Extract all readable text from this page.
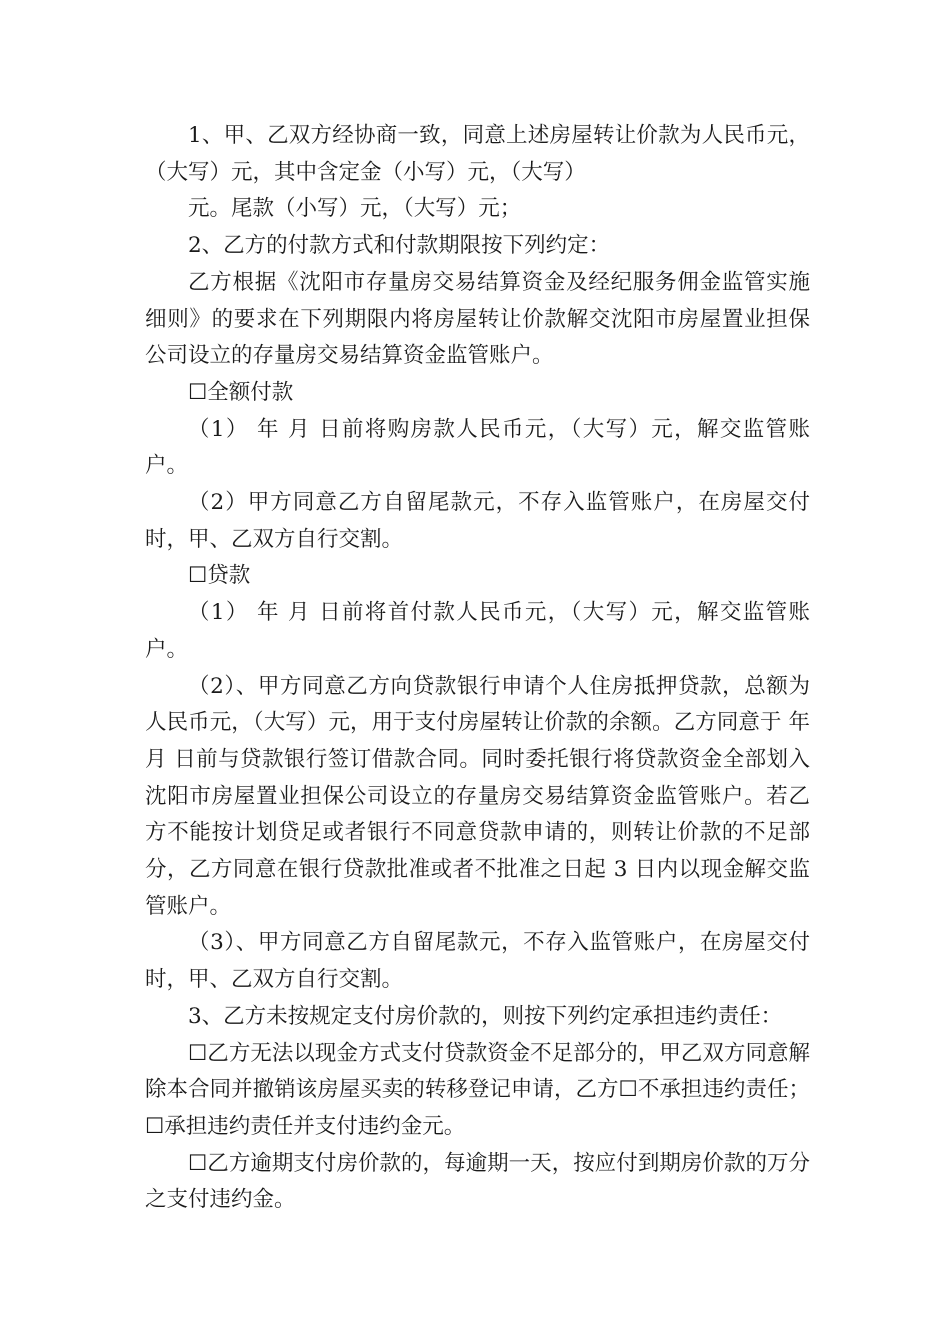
1、甲、乙双方经协商一致，同意上述房屋转让价款为人民币元，（大写）元，其中含定金（小写）元，（大写）

元。尾款（小写）元，（大写）元；

2、乙方的付款方式和付款期限按下列约定：

乙方根据《沈阳市存量房交易结算资金及经纪服务佣金监管实施细则》的要求在下列期限内将房屋转让价款解交沈阳市房屋置业担保公司设立的存量房交易结算资金监管账户。

☐全额付款

（1） 年 月 日前将购房款人民币元，（大写）元，解交监管账户。

（2）甲方同意乙方自留尾款元，不存入监管账户，在房屋交付时，甲、乙双方自行交割。

☐贷款

（1） 年 月 日前将首付款人民币元，（大写）元，解交监管账户。

（2）、甲方同意乙方向贷款银行申请个人住房抵押贷款，总额为人民币元，（大写）元，用于支付房屋转让价款的余额。乙方同意于 年 月 日前与贷款银行签订借款合同。同时委托银行将贷款资金全部划入沈阳市房屋置业担保公司设立的存量房交易结算资金监管账户。若乙方不能按计划贷足或者银行不同意贷款申请的，则转让价款的不足部分，乙方同意在银行贷款批准或者不批准之日起 3 日内以现金解交监管账户。

（3）、甲方同意乙方自留尾款元，不存入监管账户，在房屋交付时，甲、乙双方自行交割。

3、乙方未按规定支付房价款的，则按下列约定承担违约责任：

☐乙方无法以现金方式支付贷款资金不足部分的，甲乙双方同意解除本合同并撤销该房屋买卖的转移登记申请，乙方☐不承担违约责任；☐承担违约责任并支付违约金元。

☐乙方逾期支付房价款的，每逾期一天，按应付到期房价款的万分之支付违约金。
